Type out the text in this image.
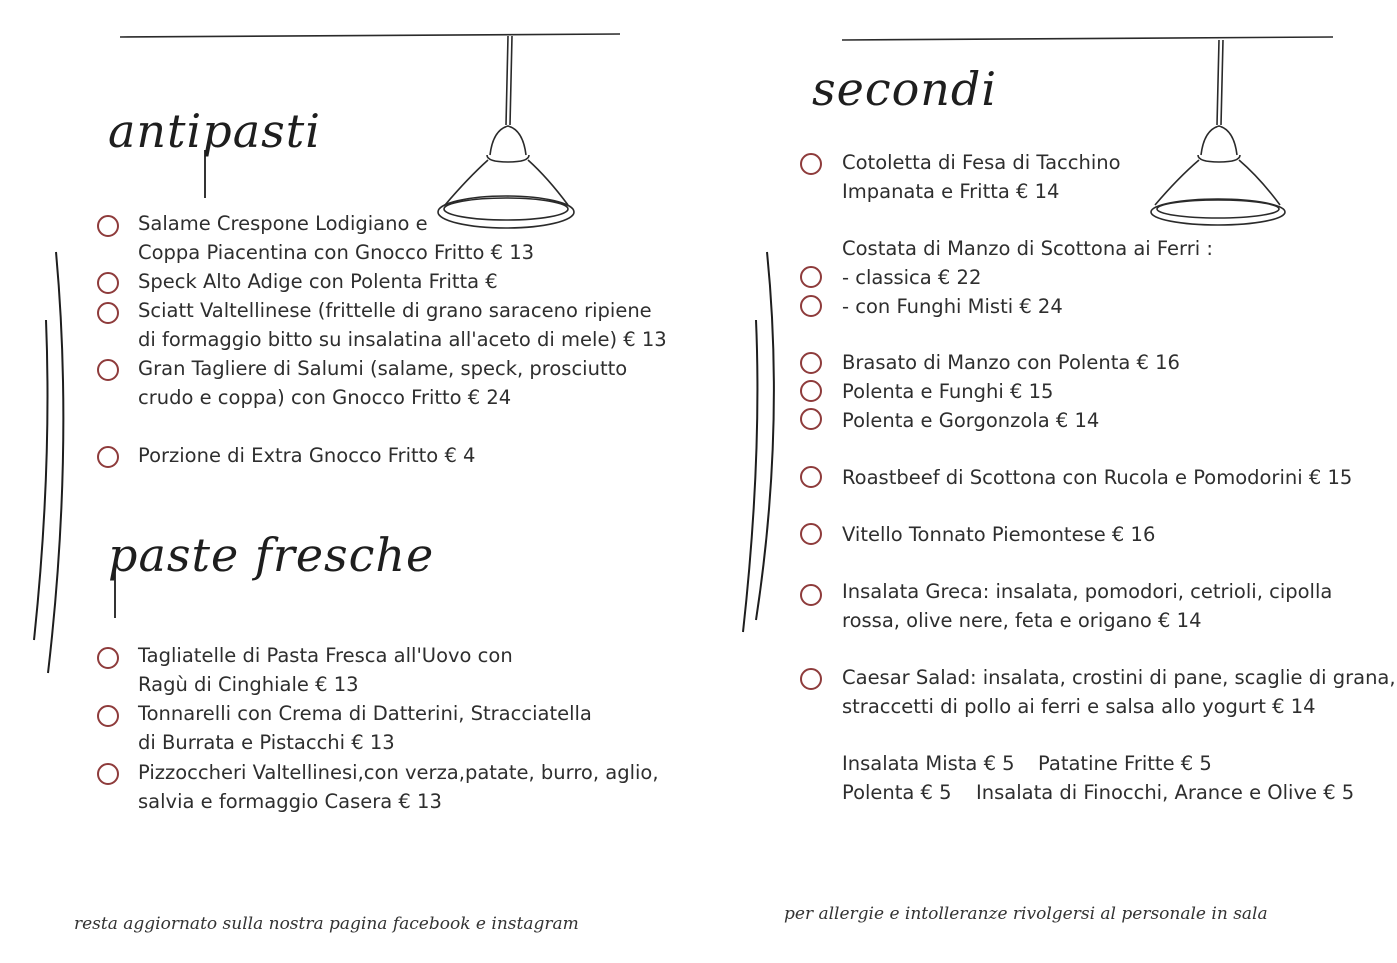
antipasti
Salame Crespone Lodigiano e
Coppa Piacentina con Gnocco Fritto € 13
Speck Alto Adige con Polenta Fritta €
Sciatt Valtellinese (frittelle di grano saraceno ripiene
di formaggio bitto su insalatina all'aceto di mele) € 13
Gran Tagliere di Salumi (salame, speck, prosciutto
crudo e coppa) con Gnocco Fritto € 24
Porzione di Extra Gnocco Fritto € 4
paste fresche
Tagliatelle di Pasta Fresca all'Uovo con
Ragù di Cinghiale € 13
Tonnarelli con Crema di Datterini, Stracciatella
di Burrata e Pistacchi € 13
Pizzoccheri Valtellinesi,con verza,patate, burro, aglio,
salvia e formaggio Casera € 13
resta aggiornato sulla nostra pagina facebook e instagram
secondi
Cotoletta di Fesa di Tacchino
Impanata e Fritta € 14
Costata di Manzo di Scottona ai Ferri :
- classica € 22
- con Funghi Misti € 24
Brasato di Manzo con Polenta € 16
Polenta e Funghi € 15
Polenta e Gorgonzola € 14
Roastbeef di Scottona con Rucola e Pomodorini € 15
Vitello Tonnato Piemontese € 16
Insalata Greca: insalata, pomodori, cetrioli, cipolla
rossa, olive nere, feta e origano € 14
Caesar Salad: insalata, crostini di pane, scaglie di grana,
straccetti di pollo ai ferri e salsa allo yogurt € 14
Insalata Mista € 5 Patatine Fritte € 5
Polenta € 5 Insalata di Finocchi, Arance e Olive € 5
per allergie e intolleranze rivolgersi al personale in sala
